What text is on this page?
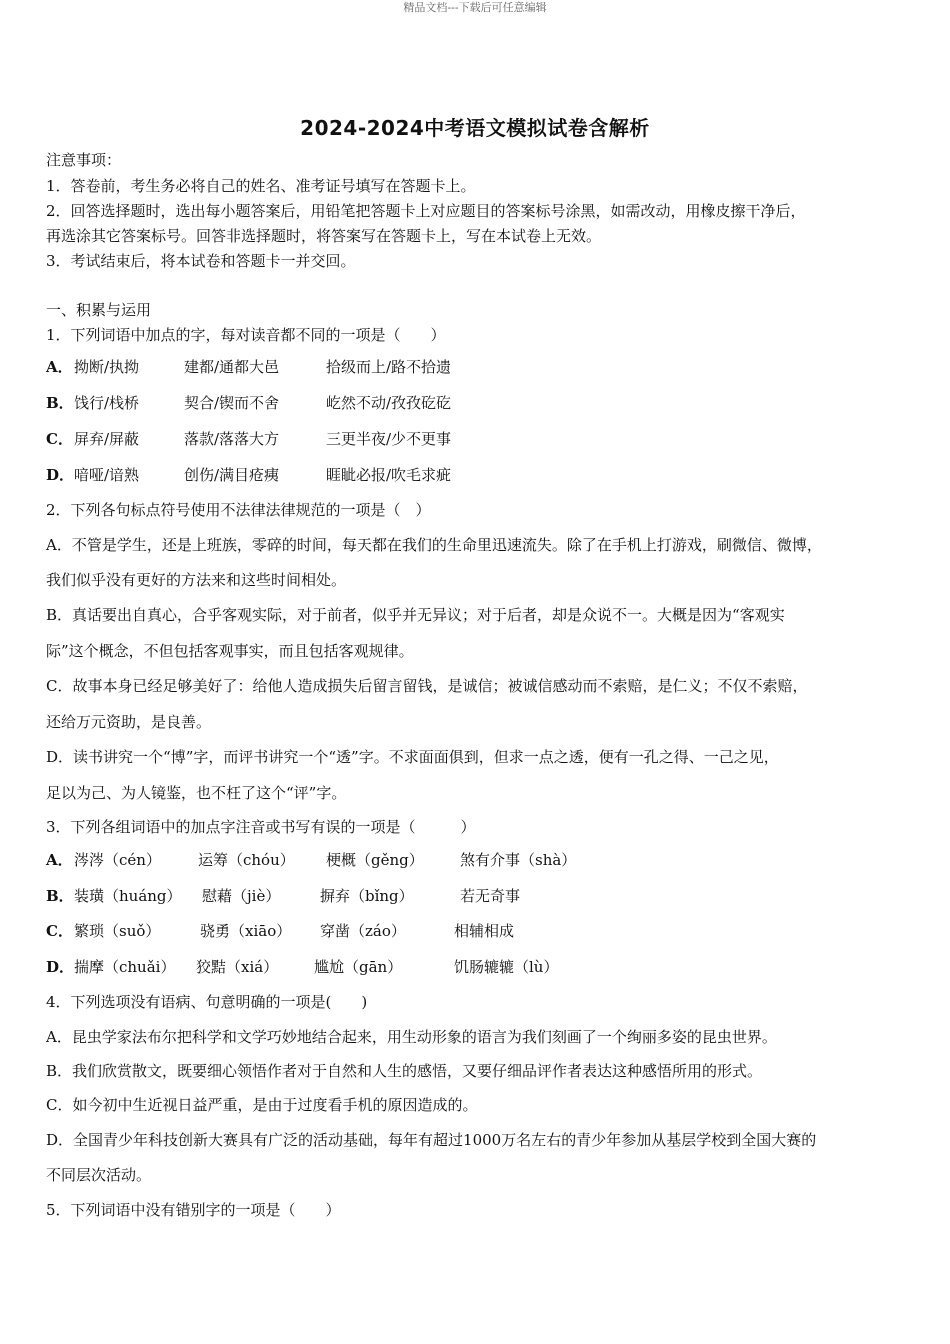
精品文档---下载后可任意编辑
2024-2024中考语文模拟试卷含解析
注意事项：
1．答卷前，考生务必将自己的姓名、准考证号填写在答题卡上。
2．回答选择题时，选出每小题答案后，用铅笔把答题卡上对应题目的答案标号涂黑，如需改动，用橡皮擦干净后，
再选涂其它答案标号。回答非选择题时，将答案写在答题卡上，写在本试卷上无效。
3．考试结束后，将本试卷和答题卡一并交回。
一、积累与运用
1．下列词语中加点的字，每对读音都不同的一项是（　　）
A． 拗断/执拗	建都/通都大邑	拾级而上/路不拾遗
B． 饯行/栈桥	契合/锲而不舍	屹然不动/孜孜矻矻
C． 屏弃/屏蔽	落款/落落大方	三更半夜/少不更事
D． 喑哑/谙熟	创伤/满目疮痍	睚眦必报/吹毛求疵
2．下列各句标点符号使用不法律法律规范的一项是（　）
A．不管是学生，还是上班族，零碎的时间，每天都在我们的生命里迅速流失。除了在手机上打游戏，刷微信、微博，
我们似乎没有更好的方法来和这些时间相处。
B．真话要出自真心，合乎客观实际，对于前者，似乎并无异议；对于后者，却是众说不一。大概是因为“客观实
际”这个概念，不但包括客观事实，而且包括客观规律。
C．故事本身已经足够美好了：给他人造成损失后留言留钱，是诚信；被诚信感动而不索赔，是仁义；不仅不索赔，
还给万元资助，是良善。
D．读书讲究一个“博”字，而评书讲究一个“透”字。不求面面俱到，但求一点之透，便有一孔之得、一己之见，
足以为己、为人镜鉴，也不枉了这个“评”字。
3．下列各组词语中的加点字注音或书写有误的一项是（　　　）
A． 涔涔（cén） 运筹（chóu） 梗概（gěng） 煞有介事（shà）
B． 装璜（huáng） 慰藉（jiè）	摒弃（bǐng）	若无奇事
C． 繁琐（suǒ）	骁勇（xiāo） 穿凿（záo）	相辅相成
D． 揣摩（chuǎi） 狡黠（xiá） 尴尬（gān）	饥肠辘辘（lù）
4．下列选项没有语病、句意明确的一项是(　　)
A．昆虫学家法布尔把科学和文学巧妙地结合起来，用生动形象的语言为我们刻画了一个绚丽多姿的昆虫世界。
B．我们欣赏散文，既要细心领悟作者对于自然和人生的感悟，又要仔细品评作者表达这种感悟所用的形式。
C．如今初中生近视日益严重，是由于过度看手机的原因造成的。
D．全国青少年科技创新大赛具有广泛的活动基础，每年有超过1000万名左右的青少年参加从基层学校到全国大赛的
不同层次活动。
5．下列词语中没有错别字的一项是（　　）
